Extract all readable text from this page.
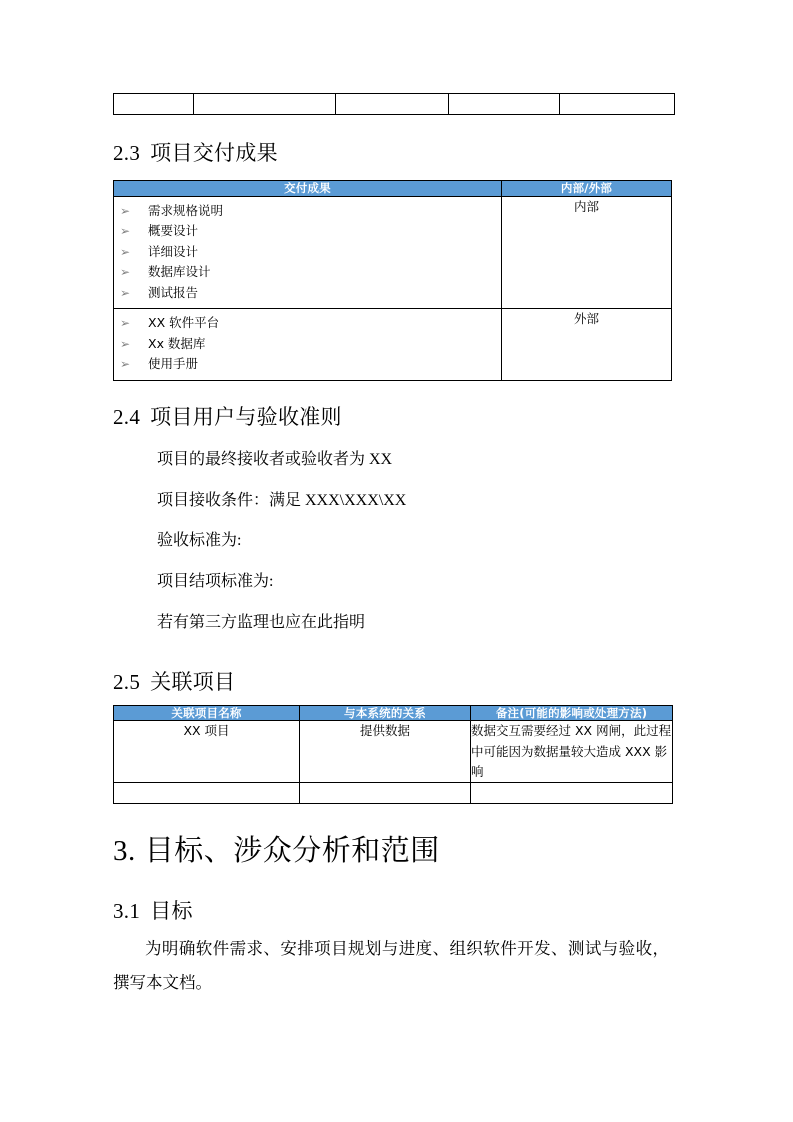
2.3 项目交付成果
交付成果	内部/外部

➢	需求规格说明
➢	概要设计
➢	详细设计
➢	数据库设计
➢	测试报告
	内部

➢	XX 软件平台
➢	Xx 数据库
➢	使用手册
	外部
2.4 项目用户与验收准则

项目的最终接收者或验收者为 XX

项目接收条件：满足 XXX\XXX\XX

验收标准为:

项目结项标准为:

若有第三方监理也应在此指明

2.5 关联项目
关联项目名称	与本系统的关系	备注(可能的影响或处理方法)
XX 项目	提供数据	数据交互需要经过 XX 网闸，此过程中可能因为数据量较大造成 XXX 影响

3. 目标、涉众分析和范围
3.1 目标

为明确软件需求、安排项目规划与进度、组织软件开发、测试与验收，撰写本文档。
